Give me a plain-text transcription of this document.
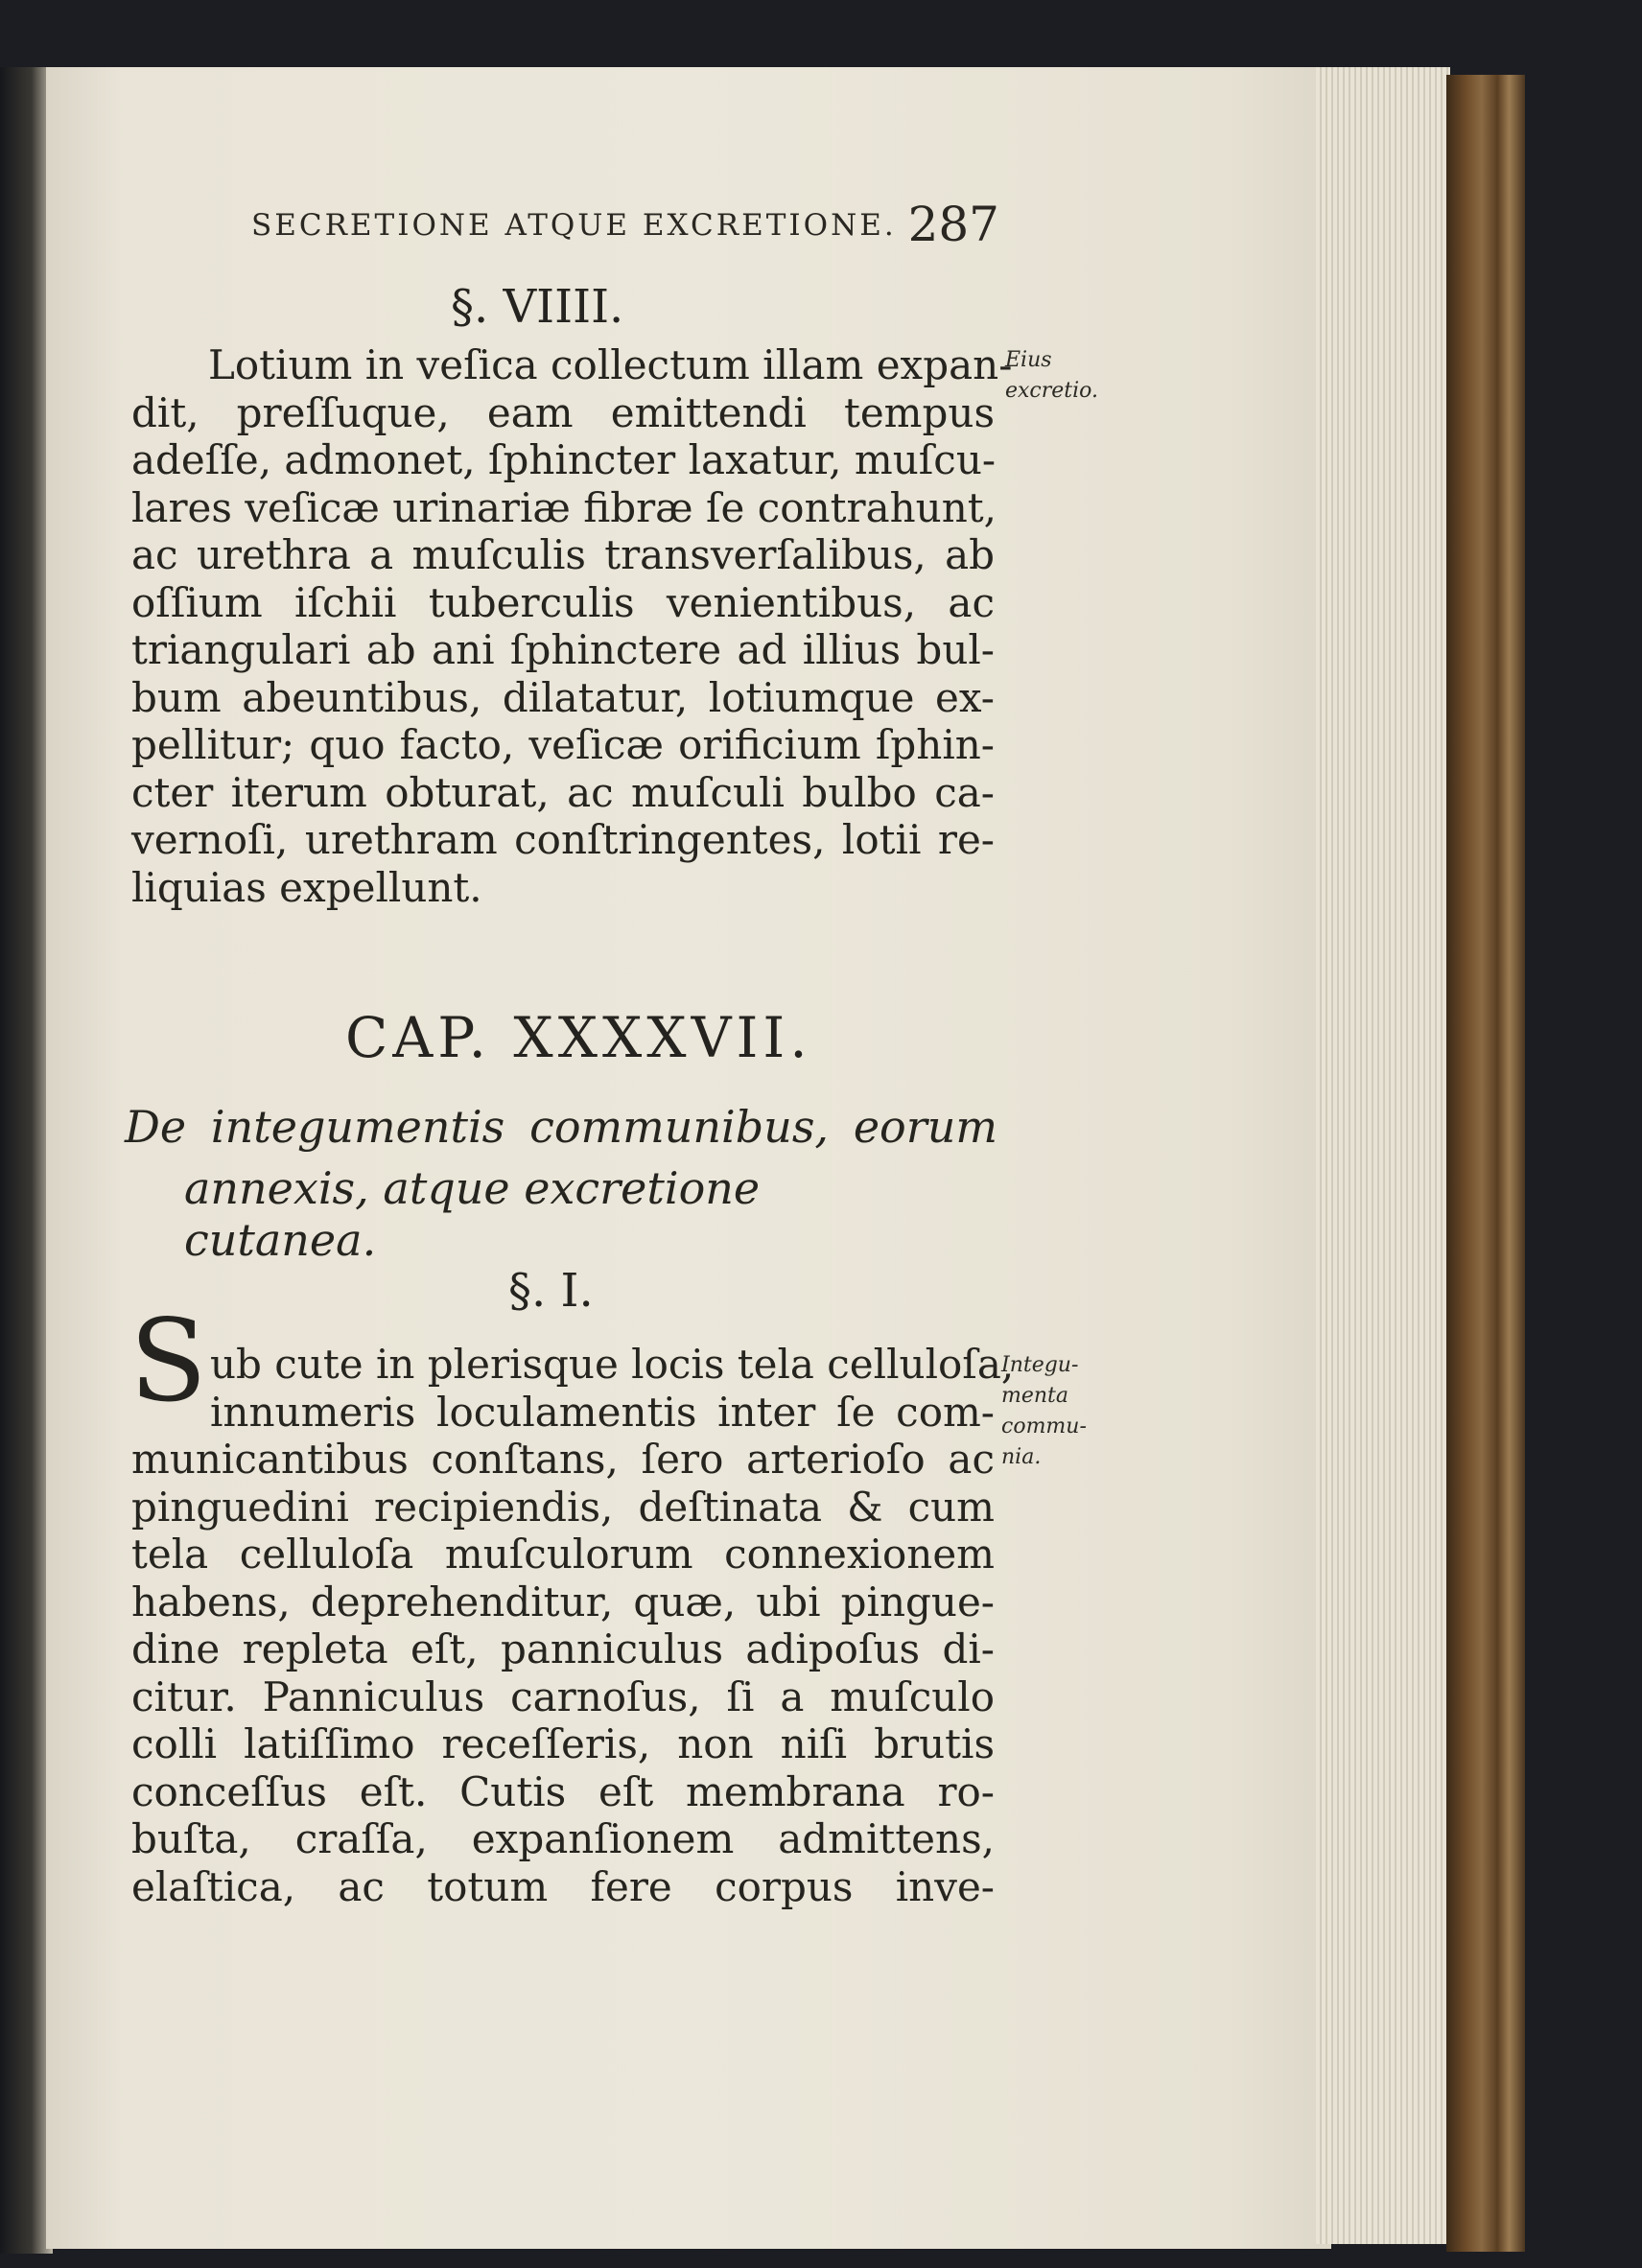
SECRETIONE ATQUE EXCRETIONE. 287
§. VIIII.
Lotium in veſica collectum illam expan-
dit, preſſuque, eam emittendi tempus
adeſſe, admonet, ſphincter laxatur, muſcu-
lares veſicæ urinariæ fibræ ſe contrahunt,
ac urethra a muſculis transverſalibus, ab
oſſium iſchii tuberculis venientibus, ac
triangulari ab ani ſphinctere ad illius bul-
bum abeuntibus, dilatatur, lotiumque ex-
pellitur; quo facto, veſicæ orificium ſphin-
cter iterum obturat, ac muſculi bulbo ca-
vernoſi, urethram conſtringentes, lotii re-
liquias expellunt.
Eius
excretio.
CAP. XXXXVII.
De integumentis communibus, eorum
annexis, atque excretione cutanea.
§. I.
S ub cute in plerisque locis tela celluloſa,
innumeris loculamentis inter ſe com-
municantibus conſtans, ſero arterioſo ac
pinguedini recipiendis, deſtinata & cum
tela celluloſa muſculorum connexionem
habens, deprehenditur, quæ, ubi pingue-
dine repleta eſt, panniculus adipoſus di-
citur. Panniculus carnoſus, ſi a muſculo
colli latiſſimo receſſeris, non niſi brutis
conceſſus eſt. Cutis eſt membrana ro-
buſta, craſſa, expanſionem admittens,
elaſtica, ac totum fere corpus inve-
Integu-
menta
commu-
nia.
